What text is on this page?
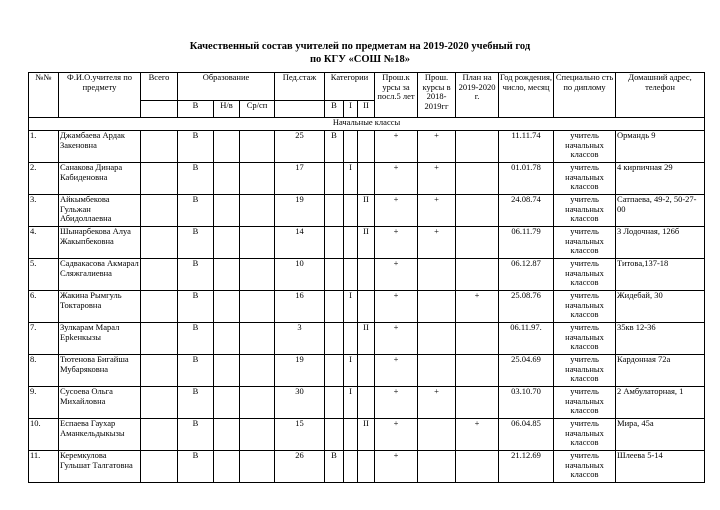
Качественный состав учителей по предметам на 2019-2020 учебный год
по КГУ «СОШ №18»
№№	Ф.И.О.учителя по предмету	Всего	Образование			Пед.стаж	Категории			Прош.к урсы за посл.5 лет	Прош. курсы в 2018-2019гг	План на 2019-2020 г.	Год рождения, число, месяц	Специально сть по диплому	Домашний адрес, телефон
			В	Н/в	Ср/сп		В	I	II						
Начальные классы															
1.	Джамбаева Ардак Закеновна		В			25	В			+	+		11.11.74	учитель начальных классов	Ормандь 9
2.	Санакова Динара Кабиденовна		В			17		I		+	+		01.01.78	учитель начальных классов	4 кирпичная 29
3.	Айкымбекова Гульжан Абидоллаевна		В			19			II	+	+		24.08.74	учитель начальных классов	Сатпаева, 49-2, 50-27-00
4.	Шынарбекова Алуа Жакыпбековна		В			14			II	+	+		06.11.79	учитель начальных классов	3 Лодочная, 126б
5.	Садвакасова Акмарал Сляжгалиевна		В			10				+			06.12.87	учитель начальных классов	Титова,137-18
6.	Жакина Рымгуль Токтаровна		В			16		I		+		+	25.08.76	учитель начальных классов	Жидебай, 30
7.	Зулкарам Марал Ерkенкызы		В			3			II	+			06.11.97.	учитель начальных классов	35кв 12-36
8.	Тютенова Бигайша Мубаряковна		В			19		I		+			25.04.69	учитель начальных классов	Кардонная 72а
9.	Сусоева Ольга Михайловна		В			30		I		+	+		03.10.70	учитель начальных классов	2 Амбулаторная, 1
10.	Еспаева Гаухар Аманкельдыкызы		В			15			II	+		+	06.04.85	учитель начальных классов	Мира, 45а
11.	Керемкулова Гульшат Талгатовна		В			26	В			+			21.12.69	учитель начальных классов	Шлеева 5-14
